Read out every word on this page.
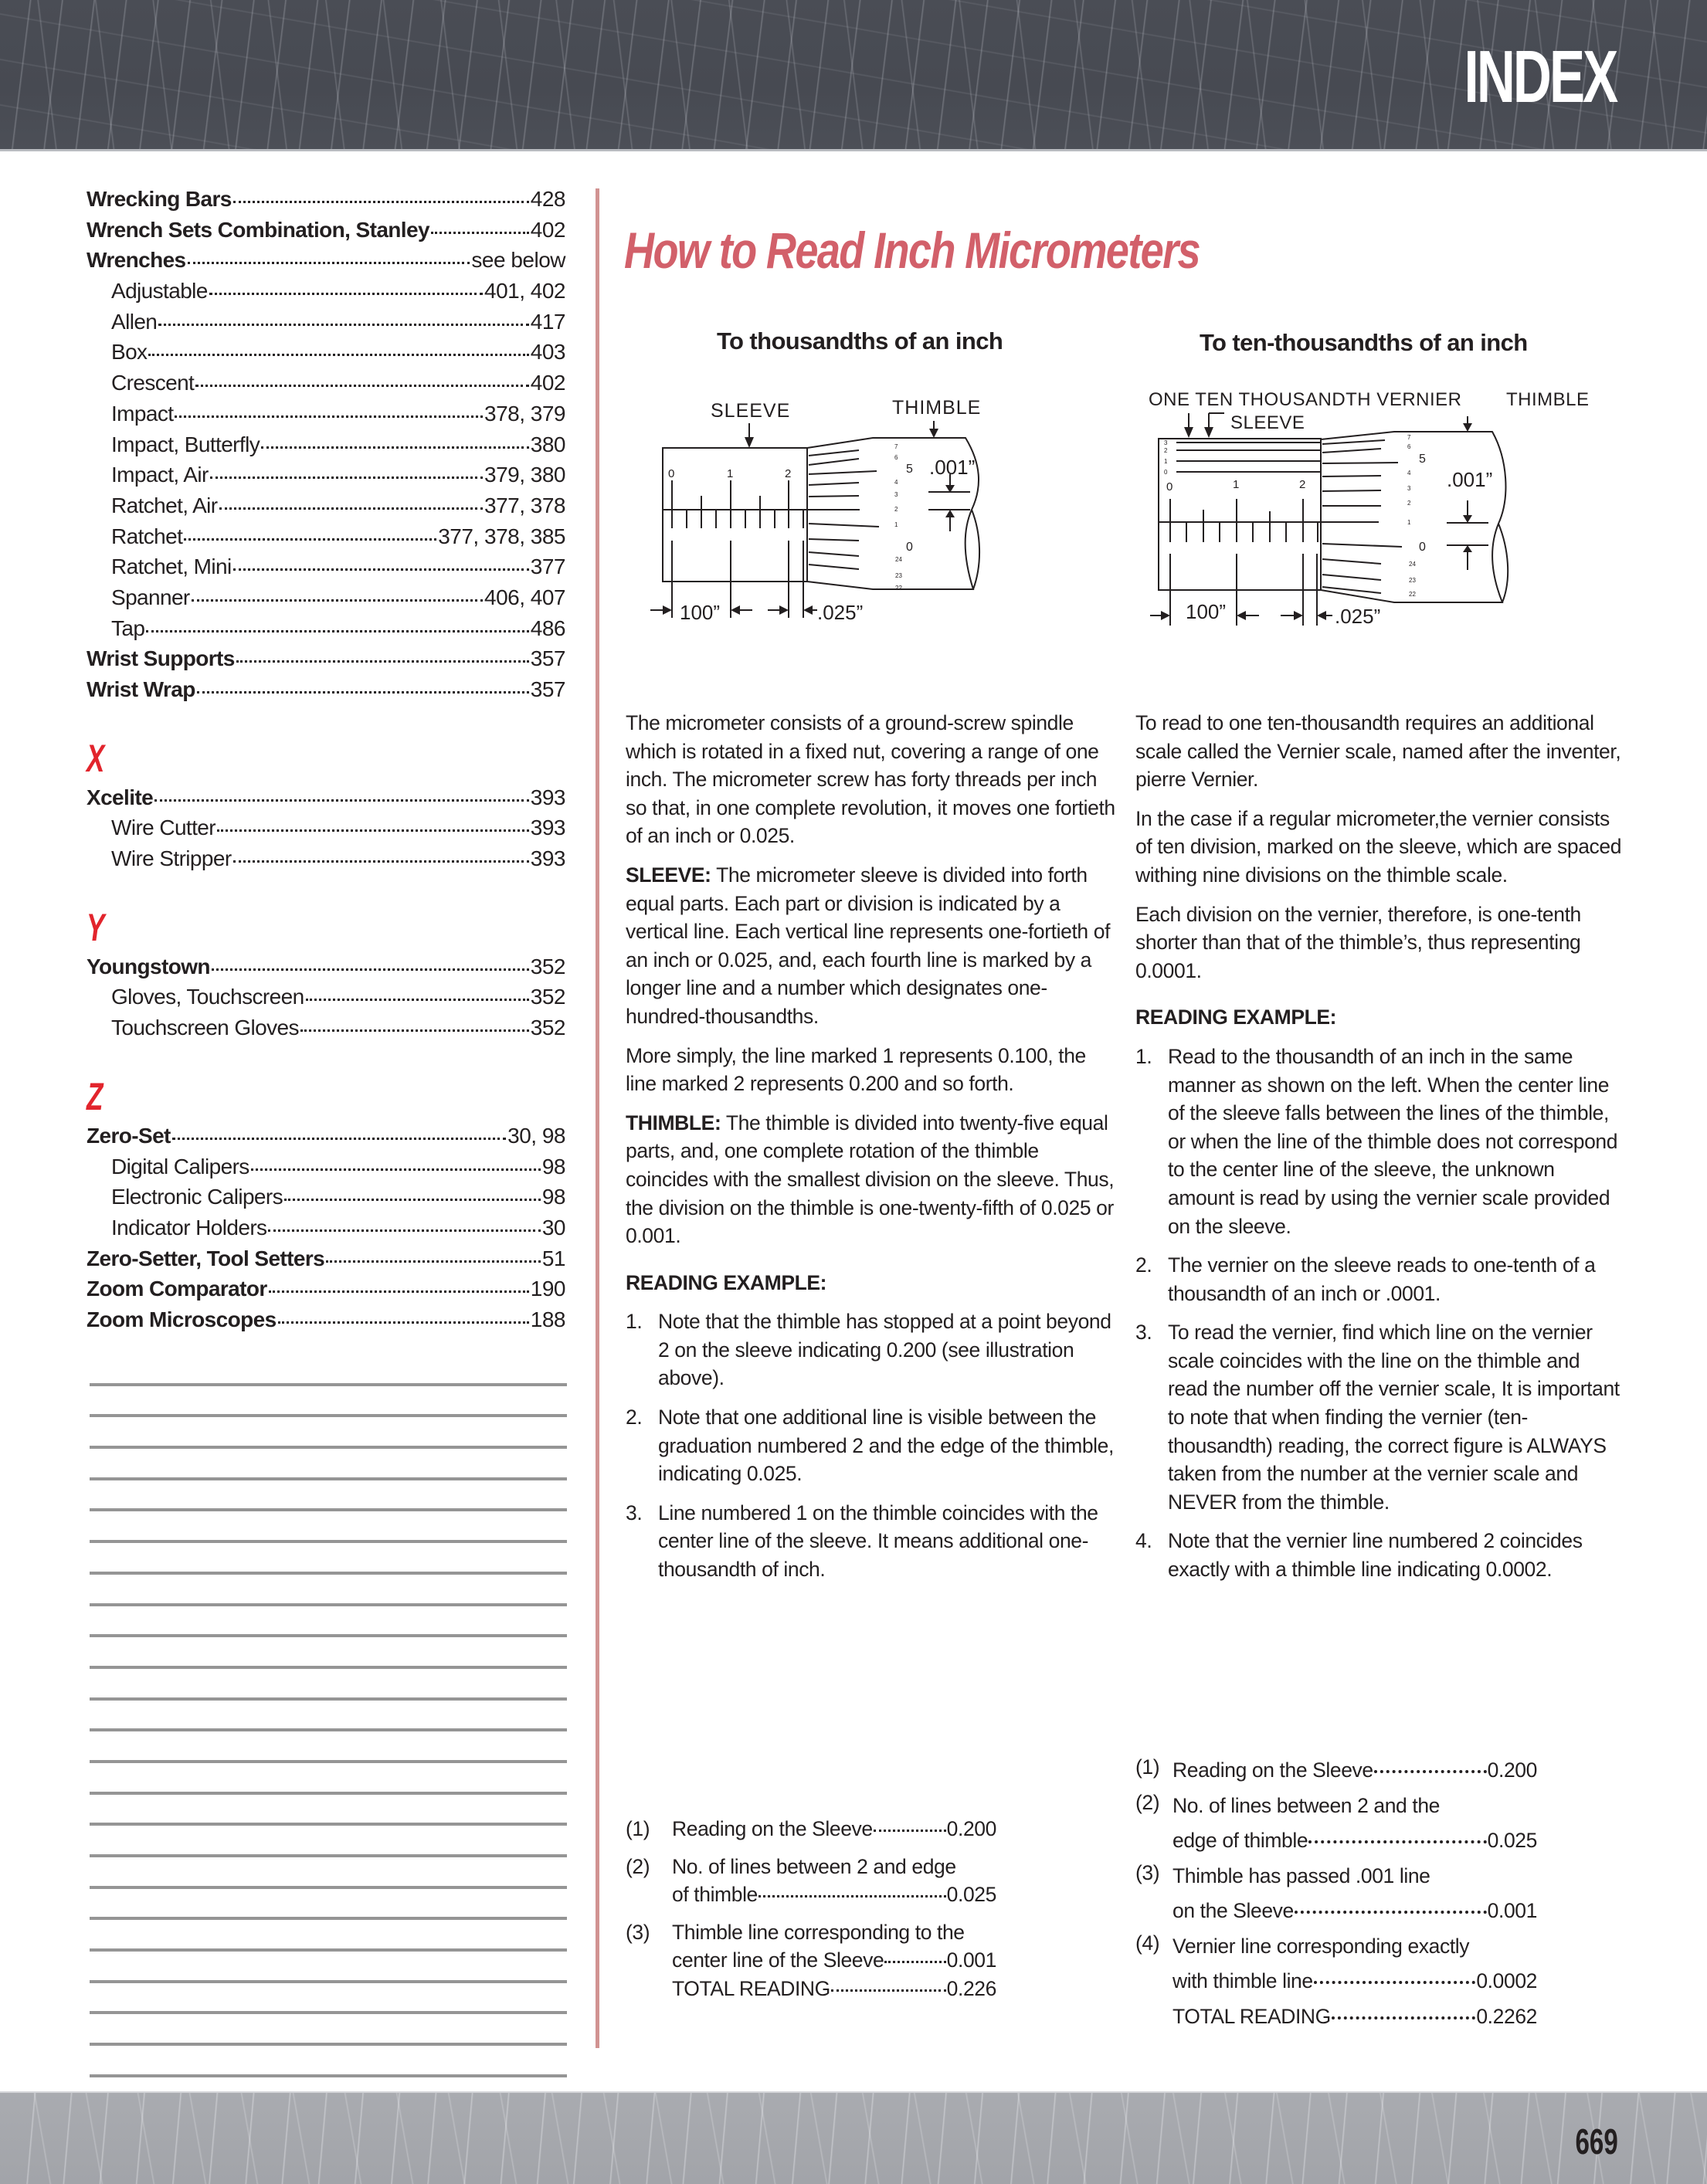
INDEX
Wrecking Bars	428
Wrench Sets Combination, Stanley	402
Wrenches	see below
Adjustable	401, 402
Allen	417
Box	403
Crescent	402
Impact	378, 379
Impact, Butterfly	380
Impact, Air	379, 380
Ratchet, Air	377, 378
Ratchet	377, 378, 385
Ratchet, Mini	377
Spanner	406, 407
Tap	486
Wrist Supports	357
Wrist Wrap	357
X
Xcelite	393
Wire Cutter	393
Wire Stripper	393
Y
Youngstown	352
Gloves, Touchscreen	352
Touchscreen Gloves	352
Z
Zero-Set	30, 98
Digital Calipers	98
Electronic Calipers	98
Indicator Holders	30
Zero-Setter, Tool Setters	51
Zoom Comparator	190
Zoom Microscopes	188
How to Read Inch Micrometers
To thousandths of an inch	To ten-thousandths of an inch
SLEEVE	THIMBLE
0	1	2
7
6
5
4
3
2
1
0
24
23
22
.001”
100”	.025”
ONE TEN THOUSANDTH VERNIER
SLEEVE
THIMBLE
3
2
1
0
0	1	2
7
6
5
4
3
2
1
0
24
23
22
.001”
100”	.025”

The micrometer consists of a ground-screw spindle which is rotated in a fixed nut, covering a range of one inch. The micrometer screw has forty threads per inch so that, in one complete revolution, it moves one fortieth of an inch or 0.025.

SLEEVE: The micrometer sleeve is divided into forth equal parts. Each part or division is indicated by a vertical line. Each vertical line represents one-fortieth of an inch or 0.025, and, each fourth line is marked by a longer line and a number which designates one-hundred-thousandths.

More simply, the line marked 1 represents 0.100, the line marked 2 represents 0.200 and so forth.

THIMBLE: The thimble is divided into twenty-five equal parts, and, one complete rotation of the thimble coincides with the smallest division on the sleeve. Thus, the division on the thimble is one-twenty-fifth of 0.025 or 0.001.

READING EXAMPLE:
1. Note that the thimble has stopped at a point beyond 2 on the sleeve indicating 0.200 (see illustration above).
2. Note that one additional line is visible between the graduation numbered 2 and the edge of the thimble, indicating 0.025.
3. Line numbered 1 on the thimble coincides with the center line of the sleeve. It means additional one-thousandth of inch.

To read to one ten-thousandth requires an additional scale called the Vernier scale, named after the inventer, pierre Vernier.

In the case if a regular micrometer,the vernier consists of ten division, marked on the sleeve, which are spaced withing nine divisions on the thimble scale.

Each division on the vernier, therefore, is one-tenth shorter than that of the thimble’s, thus representing 0.0001.

READING EXAMPLE:
1. Read to the thousandth of an inch in the same manner as shown on the left. When the center line of the sleeve falls between the lines of the thimble, or when the line of the thimble does not correspond to the center line of the sleeve, the unknown amount is read by using the vernier scale provided on the sleeve.
2. The vernier on the sleeve reads to one-tenth of a thousandth of an inch or .0001.
3. To read the vernier, find which line on the vernier scale coincides with the line on the thimble and read the number off the vernier scale, It is important to note that when finding the vernier (ten-thousandth) reading, the correct figure is ALWAYS taken from the number at the vernier scale and NEVER from the thimble.
4. Note that the vernier line numbered 2 coincides exactly with a thimble line indicating 0.0002.
(1)	Reading on the Sleeve	0.200
(2)	No. of lines between 2 and edge
of thimble	0.025
(3)	Thimble line corresponding to the
center line of the Sleeve	0.001
TOTAL READING	0.226
(1) Reading on the Sleeve	0.200
(2) No. of lines between 2 and the
edge of thimble	0.025
(3) Thimble has passed .001 line
on the Sleeve	0.001
(4) Vernier line corresponding exactly
with thimble line	0.0002
TOTAL READING	0.2262
669
